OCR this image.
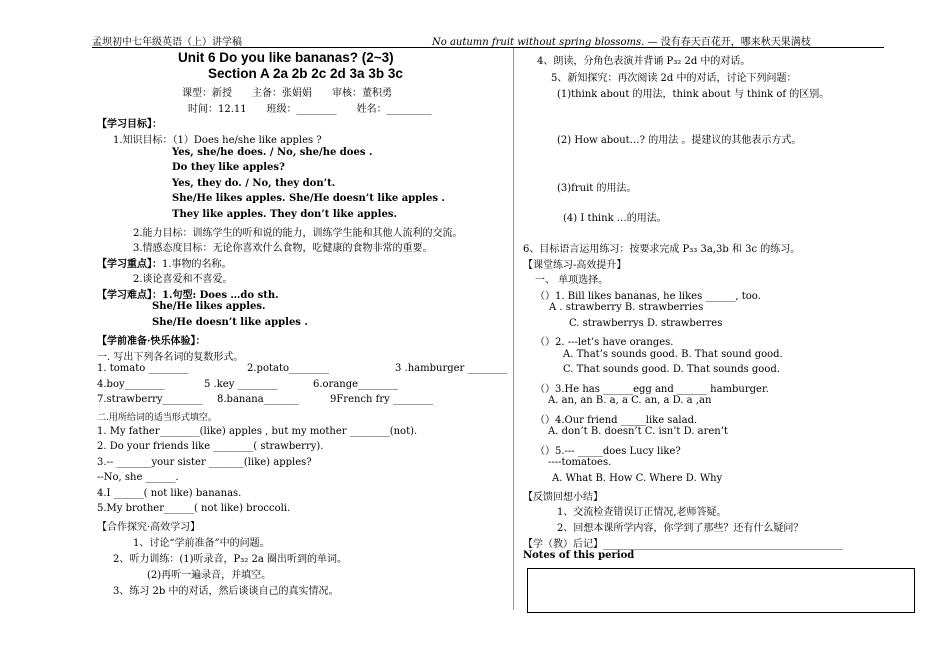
孟坝初中七年级英语（上）讲学稿	No autumn fruit without spring blossoms. — 没有春天百花开，哪来秋天果满枝
Unit 6 Do you like bananas? (2~3)
Section A 2a 2b 2c 2d 3a 3b 3c
课型：新授　　主备：张娟娟　　审核：董积勇
时间：12.11　　班级：________　　姓名：_________
【学习目标】：
1.知识目标：（1）Does he/she like apples ?
Yes, she/he does. / No, she/he does .
Do they like apples?
Yes, they do. / No, they don’t.
She/He likes apples. She/He doesn’t like apples .
They like apples. They don’t like apples.
2.能力目标：训练学生的听和说的能力，训练学生能和其他人流利的交流。
3.情感态度目标：无论你喜欢什么食物，吃健康的食物非常的重要。
【学习重点】：1.事物的名称。
2.谈论喜爱和不喜爱。
【学习难点】：1.句型: Does …do sth.
She/He likes apples.
She/He doesn’t like apples .
【学前准备·快乐体验】：
一. 写出下列各名词的复数形式。
1. tomato ________	2.potato________	3 .hamburger ________
4.boy________	5 .key ________	6.orange________
7.strawberry________ 8.banana_______	9French fry ________
二.用所给词的适当形式填空。
1. My father________(like) apples , but my mother ________(not).
2. Do your friends like ________( strawberry).
3.-- _______your sister _______(like) apples?
--No, she ______.
4.I ______( not like) bananas.
5.My brother______( not like) broccoli.
【合作探究·高效学习】
1、讨论“学前准备”中的问题。
2、听力训练：(1)听录音，P₃₂ 2a 圈出听到的单词。
(2)再听一遍录音，并填空。
3、练习 2b 中的对话，然后谈谈自己的真实情况。
4、朗读，分角色表演并背诵 P₃₂ 2d 中的对话。
5、新知探究：再次阅读 2d 中的对话，讨论下列问题：
(1)think about 的用法，think about 与 think of 的区别。
(2) How about…? 的用法 。提建议的其他表示方式。
(3)fruit 的用法。
(4) I think …的用法。
6、目标语言运用练习：按要求完成 P₃₃ 3a,3b 和 3c 的练习。
【课堂练习-高效提升】
一、 单项选择。
（）1. Bill likes bananas, he likes ______, too.
A . strawberry B. strawberries
C. strawberrys D. strawberres
（）2. ---let’s have oranges.
A. That’s sounds good. B. That sound good.
C. That sounds good. D. That sounds good.
（）3.He has ______egg and ______ hamburger.
A. an, an B. a, a C. an, a D. a ,an
（）4.Our friend _____like salad.
A. don’t B. doesn’t C. isn’t D. aren’t
（）5.--- _____does Lucy like?
----tomatoes.
A. What B. How C. Where D. Why
【反馈回想小结】
1、交流检查错误订正情况,老师答疑。
2、回想本课所学内容，你学到了那些？还有什么疑问？
【学（教）后记】________________________________________________
Notes of this period
